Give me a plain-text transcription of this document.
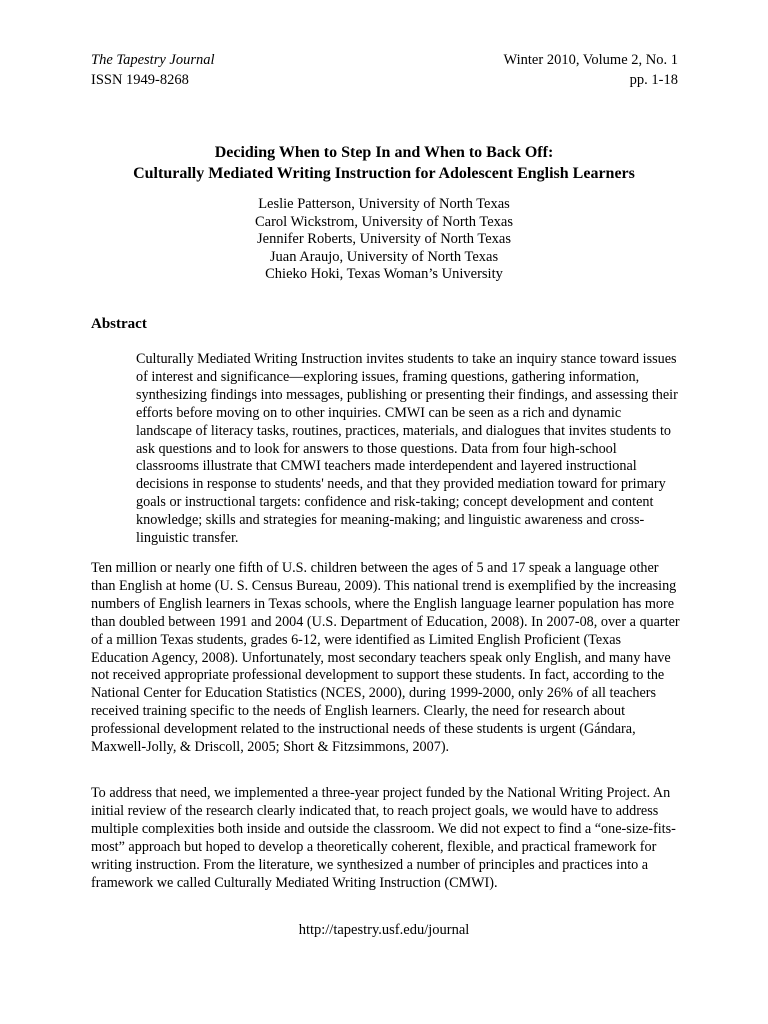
The Tapestry Journal
ISSN 1949-8268
Winter 2010, Volume 2, No. 1
pp. 1-18
Deciding When to Step In and When to Back Off:
Culturally Mediated Writing Instruction for Adolescent English Learners
Leslie Patterson, University of North Texas
Carol Wickstrom, University of North Texas
Jennifer Roberts, University of North Texas
Juan Araujo, University of North Texas
Chieko Hoki, Texas Woman’s University
Abstract

Culturally Mediated Writing Instruction invites students to take an inquiry stance toward issues of interest and significance—exploring issues, framing questions, gathering information, synthesizing findings into messages, publishing or presenting their findings, and assessing their efforts before moving on to other inquiries. CMWI can be seen as a rich and dynamic landscape of literacy tasks, routines, practices, materials, and dialogues that invites students to ask questions and to look for answers to those questions. Data from four high-school classrooms illustrate that CMWI teachers made interdependent and layered instructional decisions in response to students' needs, and that they provided mediation toward for primary goals or instructional targets: confidence and risk-taking; concept development and content knowledge; skills and strategies for meaning-making; and linguistic awareness and cross-linguistic transfer.

Ten million or nearly one fifth of U.S. children between the ages of 5 and 17 speak a language other than English at home (U. S. Census Bureau, 2009). This national trend is exemplified by the increasing numbers of English learners in Texas schools, where the English language learner population has more than doubled between 1991 and 2004 (U.S. Department of Education, 2008). In 2007-08, over a quarter of a million Texas students, grades 6-12, were identified as Limited English Proficient (Texas Education Agency, 2008). Unfortunately, most secondary teachers speak only English, and many have not received appropriate professional development to support these students. In fact, according to the National Center for Education Statistics (NCES, 2000), during 1999-2000, only 26% of all teachers received training specific to the needs of English learners. Clearly, the need for research about professional development related to the instructional needs of these students is urgent (Gándara, Maxwell-Jolly, & Driscoll, 2005; Short & Fitzsimmons, 2007).

To address that need, we implemented a three-year project funded by the National Writing Project. An initial review of the research clearly indicated that, to reach project goals, we would have to address multiple complexities both inside and outside the classroom. We did not expect to find a “one-size-fits-most” approach but hoped to develop a theoretically coherent, flexible, and practical framework for writing instruction. From the literature, we synthesized a number of principles and practices into a framework we called Culturally Mediated Writing Instruction (CMWI).

http://tapestry.usf.edu/journal
